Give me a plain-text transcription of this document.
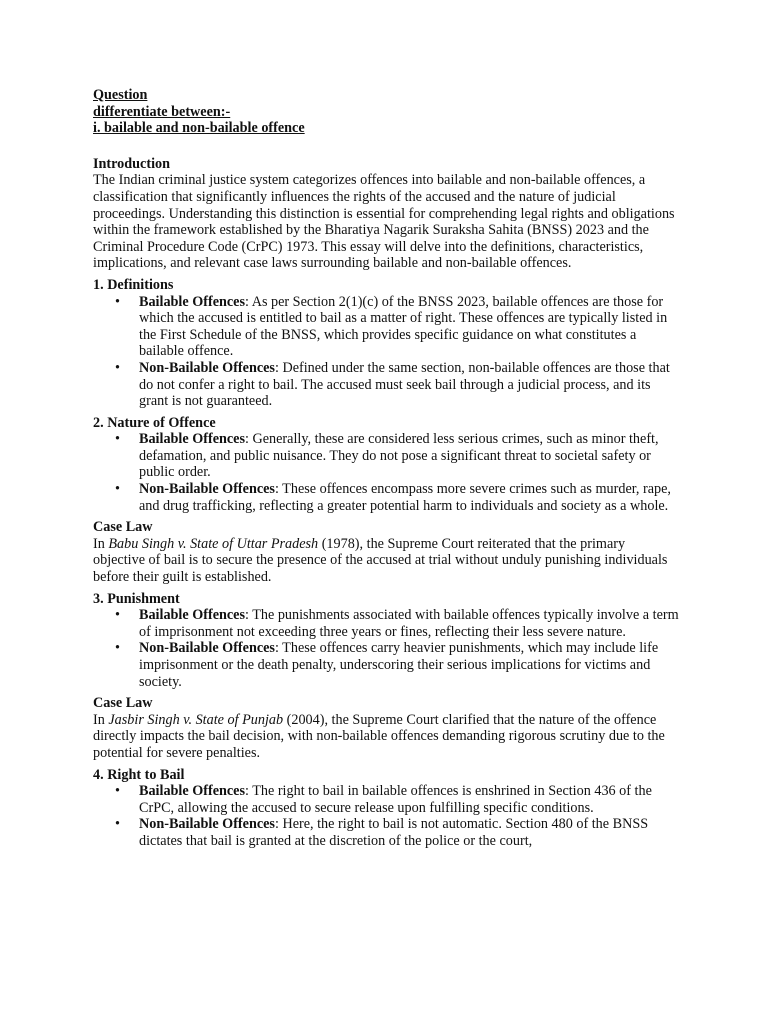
Question
differentiate between:-
i. bailable and non-bailable offence
Introduction

The Indian criminal justice system categorizes offences into bailable and non-bailable offences, a classification that significantly influences the rights of the accused and the nature of judicial proceedings. Understanding this distinction is essential for comprehending legal rights and obligations within the framework established by the Bharatiya Nagarik Suraksha Sahita (BNSS) 2023 and the Criminal Procedure Code (CrPC) 1973. This essay will delve into the definitions, characteristics, implications, and relevant case laws surrounding bailable and non-bailable offences.

1. Definitions
• Bailable Offences: As per Section 2(1)(c) of the BNSS 2023, bailable offences are those for which the accused is entitled to bail as a matter of right. These offences are typically listed in the First Schedule of the BNSS, which provides specific guidance on what constitutes a bailable offence.
• Non-Bailable Offences: Defined under the same section, non-bailable offences are those that do not confer a right to bail. The accused must seek bail through a judicial process, and its grant is not guaranteed.
2. Nature of Offence
• Bailable Offences: Generally, these are considered less serious crimes, such as minor theft, defamation, and public nuisance. They do not pose a significant threat to societal safety or public order.
• Non-Bailable Offences: These offences encompass more severe crimes such as murder, rape, and drug trafficking, reflecting a greater potential harm to individuals and society as a whole.
Case Law

In Babu Singh v. State of Uttar Pradesh (1978), the Supreme Court reiterated that the primary objective of bail is to secure the presence of the accused at trial without unduly punishing individuals before their guilt is established.

3. Punishment
• Bailable Offences: The punishments associated with bailable offences typically involve a term of imprisonment not exceeding three years or fines, reflecting their less severe nature.
• Non-Bailable Offences: These offences carry heavier punishments, which may include life imprisonment or the death penalty, underscoring their serious implications for victims and society.
Case Law

In Jasbir Singh v. State of Punjab (2004), the Supreme Court clarified that the nature of the offence directly impacts the bail decision, with non-bailable offences demanding rigorous scrutiny due to the potential for severe penalties.

4. Right to Bail
• Bailable Offences: The right to bail in bailable offences is enshrined in Section 436 of the CrPC, allowing the accused to secure release upon fulfilling specific conditions.
• Non-Bailable Offences: Here, the right to bail is not automatic. Section 480 of the BNSS dictates that bail is granted at the discretion of the police or the court,
